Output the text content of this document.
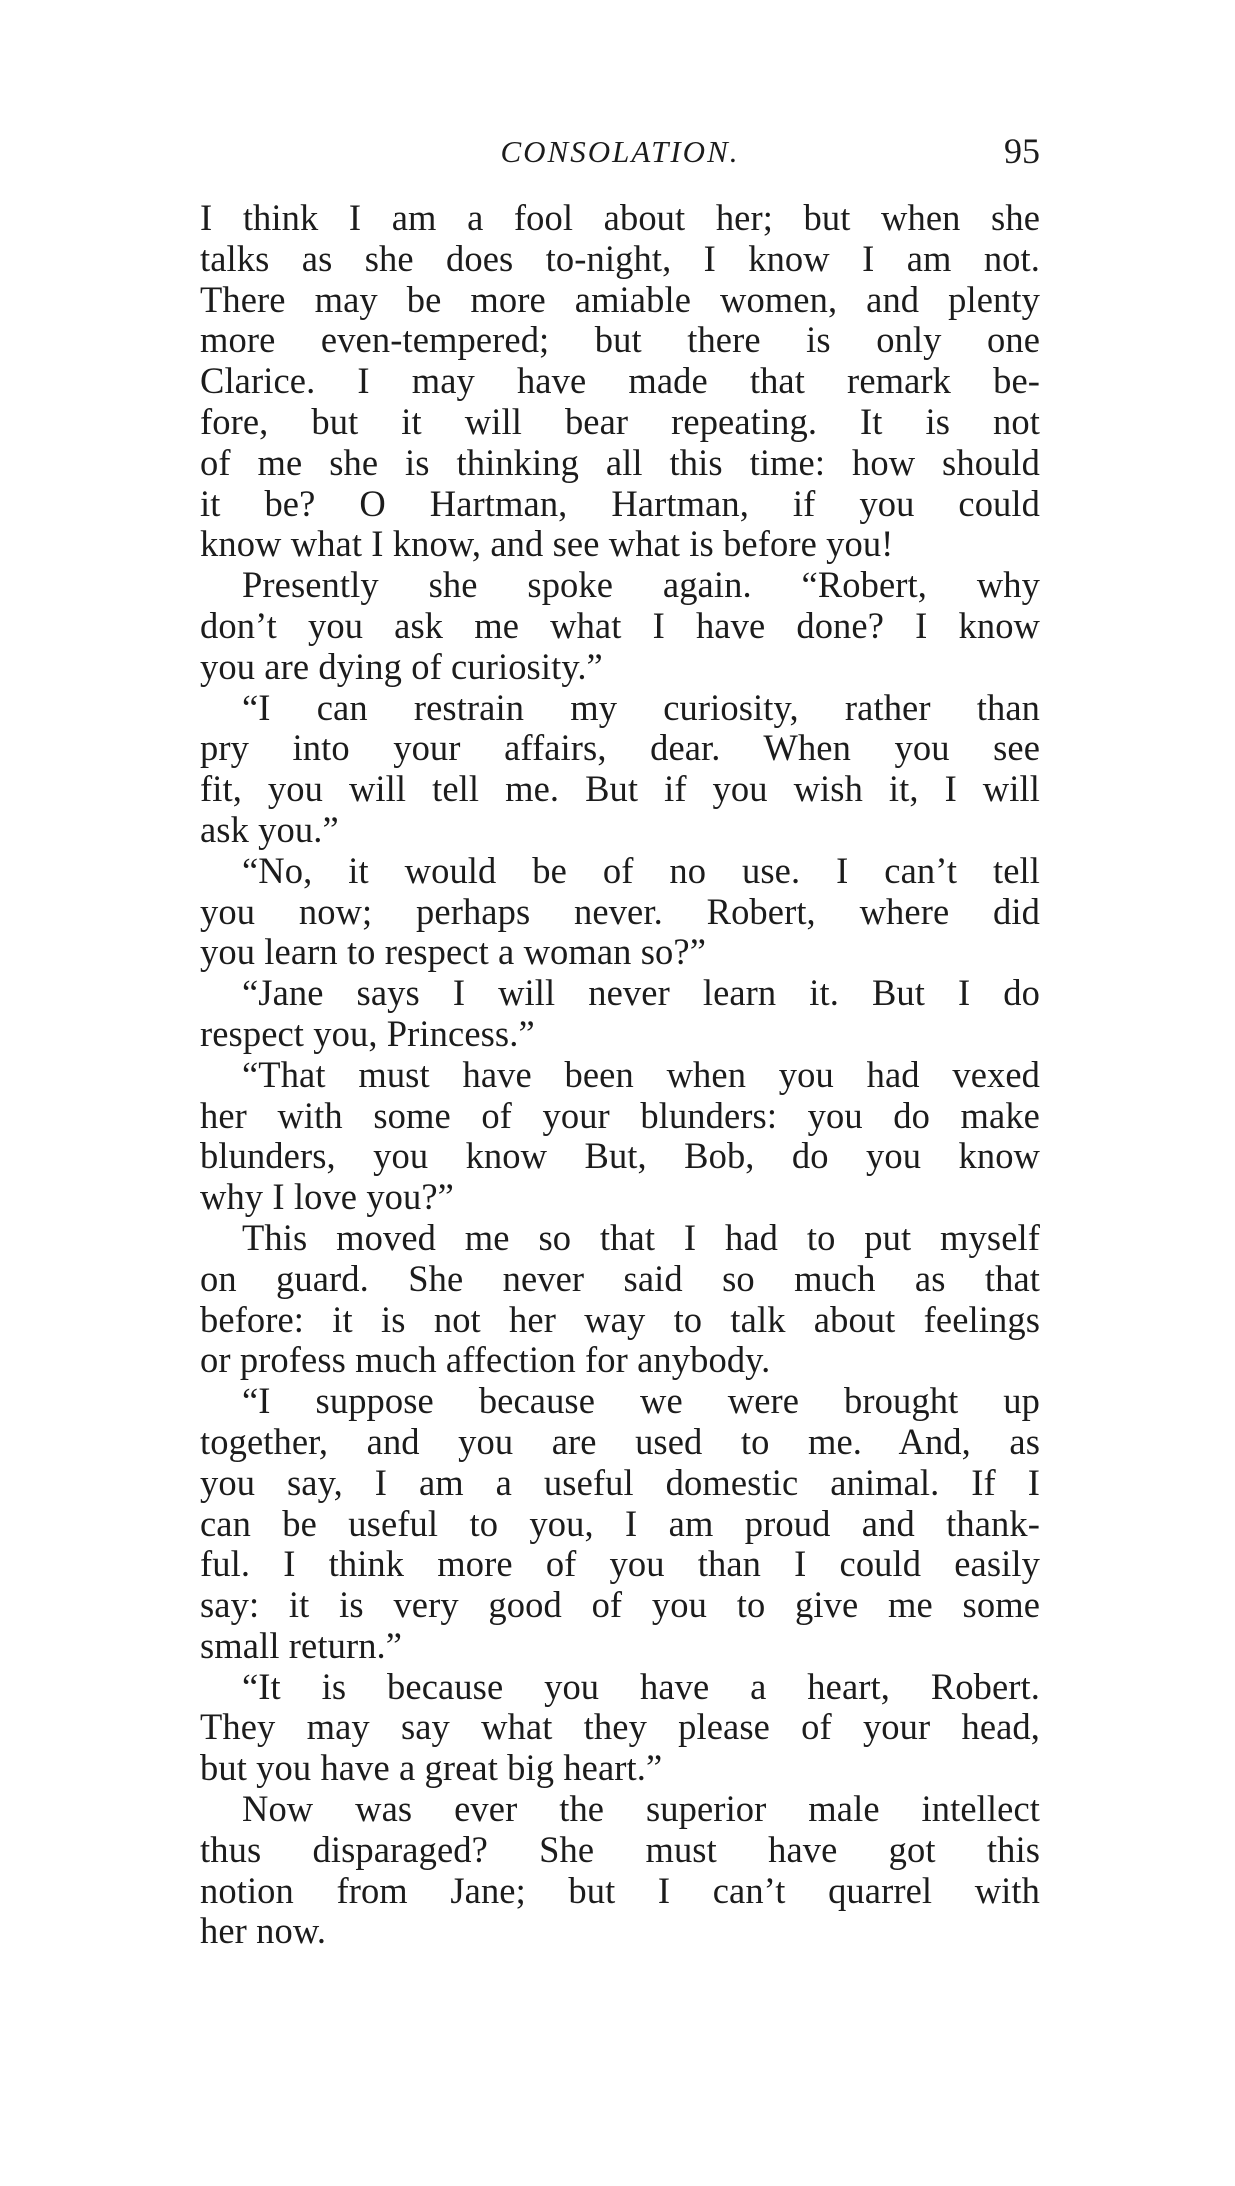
CONSOLATION.	95
I think I am a fool about her; but when she
talks as she does to-night, I know I am not.
There may be more amiable women, and plenty
more even-tempered; but there is only one
Clarice. I may have made that remark be-
fore, but it will bear repeating. It is not
of me she is thinking all this time: how should
it be? O Hartman, Hartman, if you could
know what I know, and see what is before you!
Presently she spoke again. “Robert, why
don’t you ask me what I have done? I know
you are dying of curiosity.”
“I can restrain my curiosity, rather than
pry into your affairs, dear. When you see
fit, you will tell me. But if you wish it, I will
ask you.”
“No, it would be of no use. I can’t tell
you now; perhaps never. Robert, where did
you learn to respect a woman so?”
“Jane says I will never learn it. But I do
respect you, Princess.”
“That must have been when you had vexed
her with some of your blunders: you do make
blunders, you know But, Bob, do you know
why I love you?”
This moved me so that I had to put myself
on guard. She never said so much as that
before: it is not her way to talk about feelings
or profess much affection for anybody.
“I suppose because we were brought up
together, and you are used to me. And, as
you say, I am a useful domestic animal. If I
can be useful to you, I am proud and thank-
ful. I think more of you than I could easily
say: it is very good of you to give me some
small return.”
“It is because you have a heart, Robert.
They may say what they please of your head,
but you have a great big heart.”
Now was ever the superior male intellect
thus disparaged? She must have got this
notion from Jane; but I can’t quarrel with
her now.
